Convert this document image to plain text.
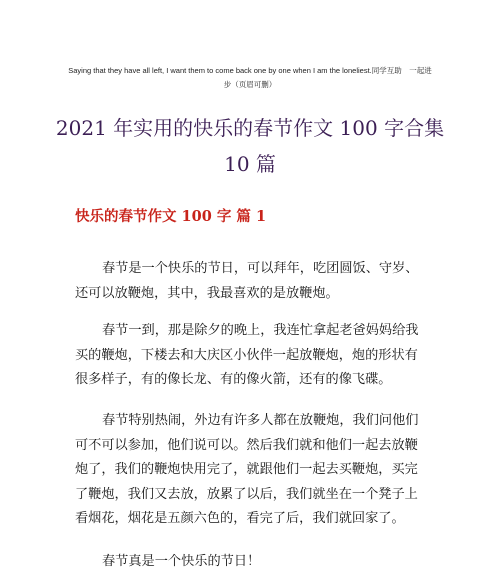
Saying that they have all left, I want them to come back one by one when I am the loneliest.同学互助　一起进
步（页眉可删）
2021 年实用的快乐的春节作文 100 字合集 10 篇
快乐的春节作文 100 字 篇 1

春节是一个快乐的节日，可以拜年，吃团圆饭、守岁、还可以放鞭炮，其中，我最喜欢的是放鞭炮。

春节一到，那是除夕的晚上，我连忙拿起老爸妈妈给我买的鞭炮，下楼去和大庆区小伙伴一起放鞭炮，炮的形状有很多样子，有的像长龙、有的像火箭，还有的像飞碟。

春节特别热闹，外边有许多人都在放鞭炮，我们问他们可不可以参加，他们说可以。然后我们就和他们一起去放鞭炮了，我们的鞭炮快用完了，就跟他们一起去买鞭炮，买完了鞭炮，我们又去放，放累了以后，我们就坐在一个凳子上看烟花，烟花是五颜六色的，看完了后，我们就回家了。

春节真是一个快乐的节日！
